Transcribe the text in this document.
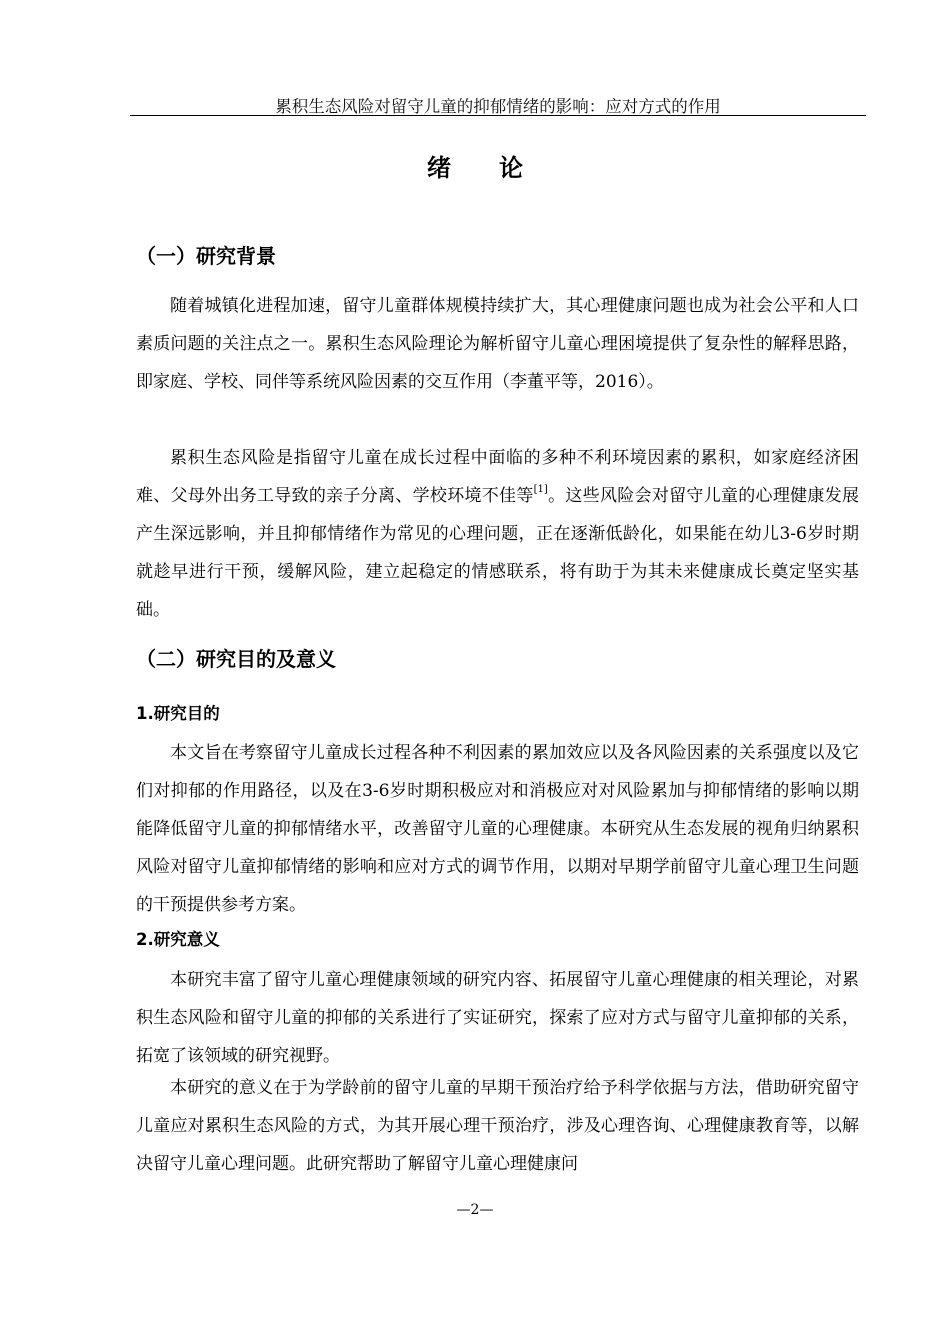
累积生态风险对留守儿童的抑郁情绪的影响：应对方式的作用
绪论
（一）研究背景
随着城镇化进程加速，留守儿童群体规模持续扩大，其心理健康问题也成为社会公平和人口素质问题的关注点之一。累积生态风险理论为解析留守儿童心理困境提供了复杂性的解释思路，即家庭、学校、同伴等系统风险因素的交互作用（李董平等，2016）。
累积生态风险是指留守儿童在成长过程中面临的多种不利环境因素的累积，如家庭经济困难、父母外出务工导致的亲子分离、学校环境不佳等[1]。这些风险会对留守儿童的心理健康发展产生深远影响，并且抑郁情绪作为常见的心理问题，正在逐渐低龄化，如果能在幼儿3-6岁时期就趁早进行干预，缓解风险，建立起稳定的情感联系，将有助于为其未来健康成长奠定坚实基础。
（二）研究目的及意义
1.研究目的
本文旨在考察留守儿童成长过程各种不利因素的累加效应以及各风险因素的关系强度以及它们对抑郁的作用路径，以及在3-6岁时期积极应对和消极应对对风险累加与抑郁情绪的影响以期能降低留守儿童的抑郁情绪水平，改善留守儿童的心理健康。本研究从生态发展的视角归纳累积风险对留守儿童抑郁情绪的影响和应对方式的调节作用，以期对早期学前留守儿童心理卫生问题的干预提供参考方案。
2.研究意义
本研究丰富了留守儿童心理健康领域的研究内容、拓展留守儿童心理健康的相关理论，对累积生态风险和留守儿童的抑郁的关系进行了实证研究，探索了应对方式与留守儿童抑郁的关系，拓宽了该领域的研究视野。
本研究的意义在于为学龄前的留守儿童的早期干预治疗给予科学依据与方法，借助研究留守儿童应对累积生态风险的方式，为其开展心理干预治疗，涉及心理咨询、心理健康教育等，以解决留守儿童心理问题。此研究帮助了解留守儿童心理健康问
—2—
